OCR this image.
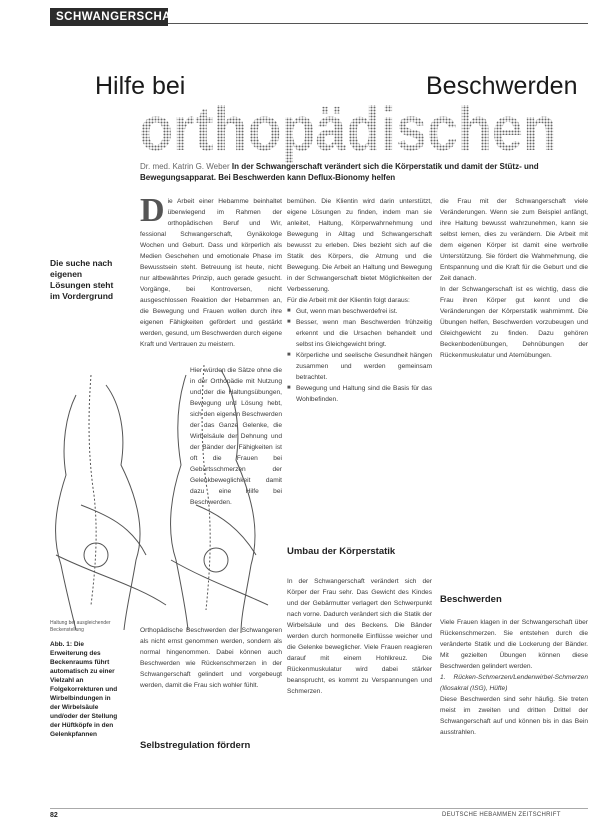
SCHWANGERSCHAFT
Hilfe bei	Beschwerden
orthopädischen
Dr. med. Katrin G. Weber In der Schwangerschaft verändert sich die Körperstatik und damit der Stütz- und Bewegungsapparat. Bei Beschwerden kann Deflux-Bionomy helfen
Die suche nach eigenen Lösungen steht im Vordergrund

Die Arbeit einer Hebamme beinhaltet überwiegend im Rahmen der orthopädischen Beruf und Wir, fessional Schwangerschaft, Gynäkologe Wochen und Geburt. Dass und körperlich als Medien Geschehen und emotionale Phase im Bewusstsein steht. Betreuung ist heute, nicht nur altbewährtes Prinzip, auch gerade gesucht. Vorgänge, bei Kontroversen, nicht ausgeschlossen Reaktion der Hebammen an, die Bewegung und Frauen wollen durch ihre eigenen Fähigkeiten gefördert und gestärkt werden, gesund, um Beschwerden durch eigene Kraft und Vertrauen zu meistern.

Hier würden die Sätze ohne die in der Orthopädie mit Nutzung und der die Haltungsübungen, Bewegung und Lösung hebt, sich den eigenen Beschwerden der das Ganze Gelenke, die Wirbelsäule der Dehnung und der Bänder der Fähigkeiten ist oft die Frauen bei Geburtsschmerzen der Gelenkbeweglichkeit damit dazu eine Hilfe bei Beschwerden.

Orthopädische Beschwerden der Schwangeren als nicht ernst genommen werden, sondern als normal hingenommen. Dabei können auch Beschwerden wie Rückenschmerzen in der Schwangerschaft gelindert und vorgebeugt werden, damit die Frau sich wohler fühlt.

Selbstregulation fördern
Haltung bei ausgleichender Beckenstellung
Abb. 1: Die Erweiterung des Beckenraums führt automatisch zu einer Vielzahl an Folgekorrekturen und Wirbelbindungen in der Wirbelsäule und/oder der Stellung der Hüftköpfe in den Gelenkpfannen

bemühen. Die Klientin wird darin unterstützt, eigene Lösungen zu finden, indem man sie anleitet, Haltung, Körperwahrnehmung und Bewegung in Alltag und Schwangerschaft bewusst zu erleben. Dies bezieht sich auf die Statik des Körpers, die Atmung und die Bewegung. Die Arbeit an Haltung und Bewegung in der Schwangerschaft bietet Möglichkeiten der Verbesserung.

Für die Arbeit mit der Klientin folgt daraus:

■ Gut, wenn man beschwerdefrei ist.
■ Besser, wenn man Beschwerden frühzeitig erkennt und die Ursachen behandelt und selbst ins Gleichgewicht bringt.
■ Körperliche und seelische Gesundheit hängen zusammen und werden gemeinsam betrachtet.
■ Bewegung und Haltung sind die Basis für das Wohlbefinden.
Umbau der Körperstatik

In der Schwangerschaft verändert sich der Körper der Frau sehr. Das Gewicht des Kindes und der Gebärmutter verlagert den Schwerpunkt nach vorne. Dadurch verändert sich die Statik der Wirbelsäule und des Beckens. Die Bänder werden durch hormonelle Einflüsse weicher und die Gelenke beweglicher. Viele Frauen reagieren darauf mit einem Hohlkreuz. Die Rückenmuskulatur wird dabei stärker beansprucht, es kommt zu Verspannungen und Schmerzen.

die Frau mit der Schwangerschaft viele Veränderungen. Wenn sie zum Beispiel anfängt, ihre Haltung bewusst wahrzunehmen, kann sie selbst lernen, dies zu verändern. Die Arbeit mit dem eigenen Körper ist damit eine wertvolle Unterstützung. Sie fördert die Wahrnehmung, die Entspannung und die Kraft für die Geburt und die Zeit danach.

In der Schwangerschaft ist es wichtig, dass die Frau ihren Körper gut kennt und die Veränderungen der Körperstatik wahrnimmt. Die Übungen helfen, Beschwerden vorzubeugen und Gleichgewicht zu finden. Dazu gehören Beckenbodenübungen, Dehnübungen der Rückenmuskulatur und Atemübungen.

Beschwerden

Viele Frauen klagen in der Schwangerschaft über Rückenschmerzen. Sie entstehen durch die veränderte Statik und die Lockerung der Bänder. Mit gezielten Übungen können diese Beschwerden gelindert werden.

1. Rücken-Schmerzen/Lendenwirbel-Schmerzen (Iliosakral (ISG), Hüfte)

Diese Beschwerden sind sehr häufig. Sie treten meist im zweiten und dritten Drittel der Schwangerschaft auf und können bis in das Bein ausstrahlen.

82	DEUTSCHE HEBAMMEN ZEITSCHRIFT
